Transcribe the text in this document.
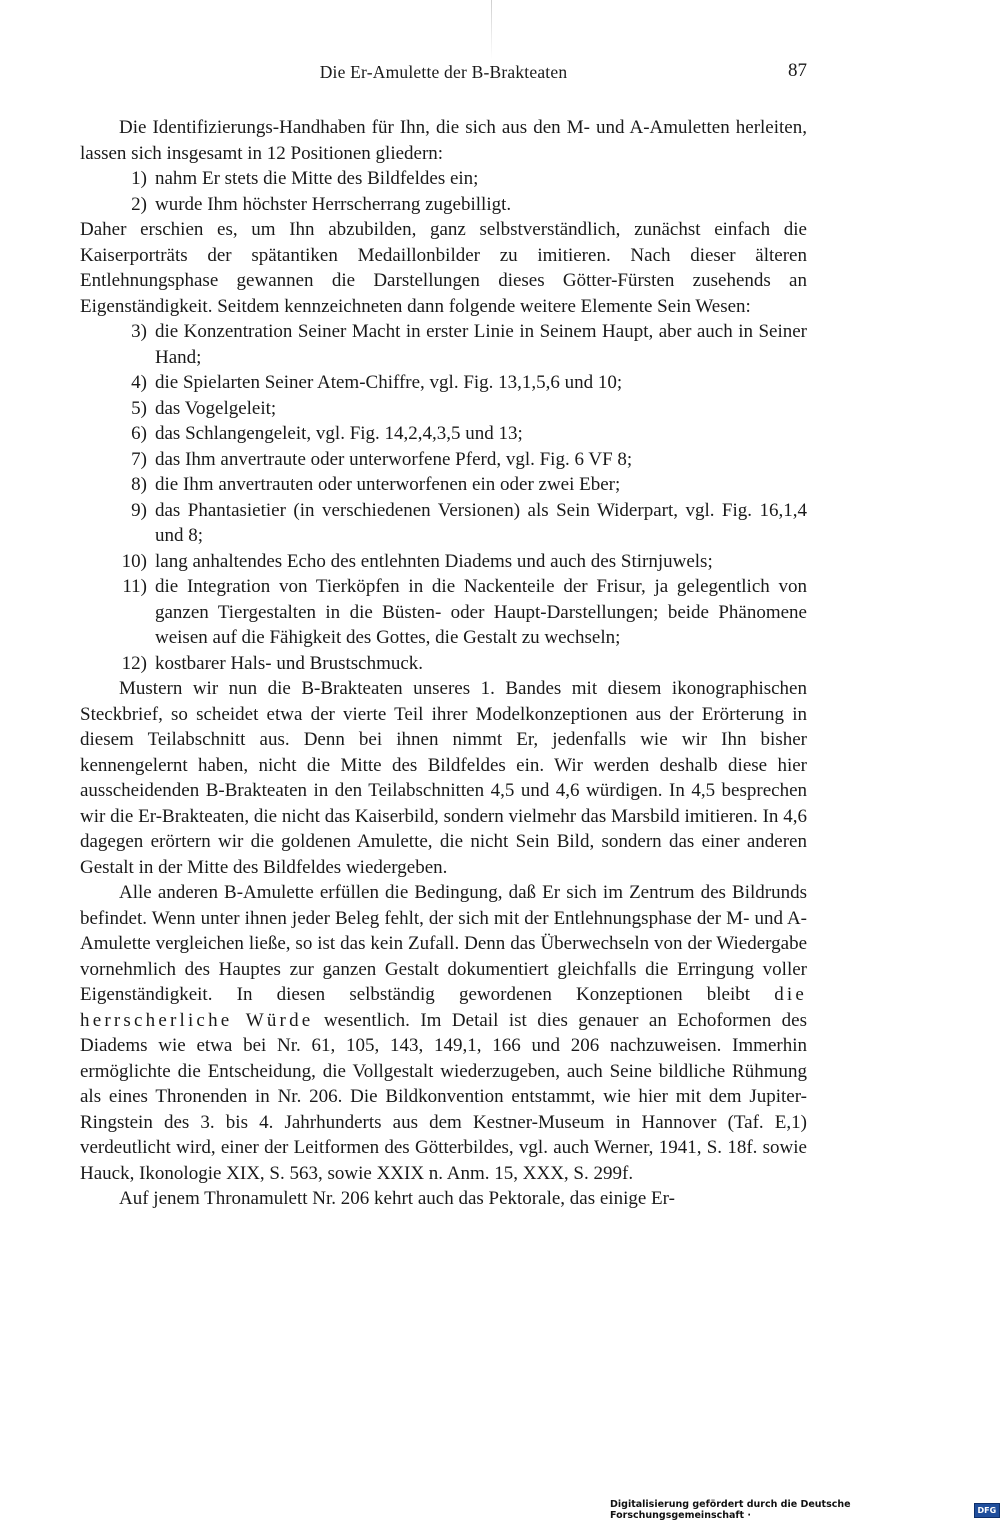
Die Er-Amulette der B-Brakteaten	87

Die Identifizierungs-Handhaben für Ihn, die sich aus den M- und A-Amuletten herleiten, lassen sich insgesamt in 12 Positionen gliedern:

1) nahm Er stets die Mitte des Bildfeldes ein;
2) wurde Ihm höchster Herrscherrang zugebilligt.

Daher erschien es, um Ihn abzubilden, ganz selbstverständlich, zunächst einfach die Kaiserporträts der spätantiken Medaillonbilder zu imitieren. Nach dieser älteren Entlehnungsphase gewannen die Darstellungen dieses Götter-Fürsten zusehends an Eigenständigkeit. Seitdem kennzeichneten dann folgende weitere Elemente Sein Wesen:

3) die Konzentration Seiner Macht in erster Linie in Seinem Haupt, aber auch in Seiner Hand;
4) die Spielarten Seiner Atem-Chiffre, vgl. Fig. 13,1,5,6 und 10;
5) das Vogelgeleit;
6) das Schlangengeleit, vgl. Fig. 14,2,4,3,5 und 13;
7) das Ihm anvertraute oder unterworfene Pferd, vgl. Fig. 6 VF 8;
8) die Ihm anvertrauten oder unterworfenen ein oder zwei Eber;
9) das Phantasietier (in verschiedenen Versionen) als Sein Widerpart, vgl. Fig. 16,1,4 und 8;
10) lang anhaltendes Echo des entlehnten Diadems und auch des Stirnjuwels;
11) die Integration von Tierköpfen in die Nackenteile der Frisur, ja gelegentlich von ganzen Tiergestalten in die Büsten- oder Haupt-Darstellungen; beide Phänomene weisen auf die Fähigkeit des Gottes, die Gestalt zu wechseln;
12) kostbarer Hals- und Brustschmuck.

Mustern wir nun die B-Brakteaten unseres 1. Bandes mit diesem ikonographischen Steckbrief, so scheidet etwa der vierte Teil ihrer Modelkonzeptionen aus der Erörterung in diesem Teilabschnitt aus. Denn bei ihnen nimmt Er, jedenfalls wie wir Ihn bisher kennengelernt haben, nicht die Mitte des Bildfeldes ein. Wir werden deshalb diese hier ausscheidenden B-Brakteaten in den Teilabschnitten 4,5 und 4,6 würdigen. In 4,5 besprechen wir die Er-Brakteaten, die nicht das Kaiserbild, sondern vielmehr das Marsbild imitieren. In 4,6 dagegen erörtern wir die goldenen Amulette, die nicht Sein Bild, sondern das einer anderen Gestalt in der Mitte des Bildfeldes wiedergeben.

Alle anderen B-Amulette erfüllen die Bedingung, daß Er sich im Zentrum des Bildrunds befindet. Wenn unter ihnen jeder Beleg fehlt, der sich mit der Entlehnungsphase der M- und A-Amulette vergleichen ließe, so ist das kein Zufall. Denn das Überwechseln von der Wiedergabe vornehmlich des Hauptes zur ganzen Gestalt dokumentiert gleichfalls die Erringung voller Eigenständigkeit. In diesen selbständig gewordenen Konzeptionen bleibt die herrscherliche Würde wesentlich. Im Detail ist dies genauer an Echoformen des Diadems wie etwa bei Nr. 61, 105, 143, 149,1, 166 und 206 nachzuweisen. Immerhin ermöglichte die Entscheidung, die Vollgestalt wiederzugeben, auch Seine bildliche Rühmung als eines Thronenden in Nr. 206. Die Bildkonvention entstammt, wie hier mit dem Jupiter-Ringstein des 3. bis 4. Jahrhunderts aus dem Kestner-Museum in Hannover (Taf. E,1) verdeutlicht wird, einer der Leitformen des Götterbildes, vgl. auch Werner, 1941, S. 18f. sowie Hauck, Ikonologie XIX, S. 563, sowie XXIX n. Anm. 15, XXX, S. 299f.

Auf jenem Thronamulett Nr. 206 kehrt auch das Pektorale, das einige Er-

Digitalisierung gefördert durch die Deutsche Forschungsgemeinschaft ·	DFG
